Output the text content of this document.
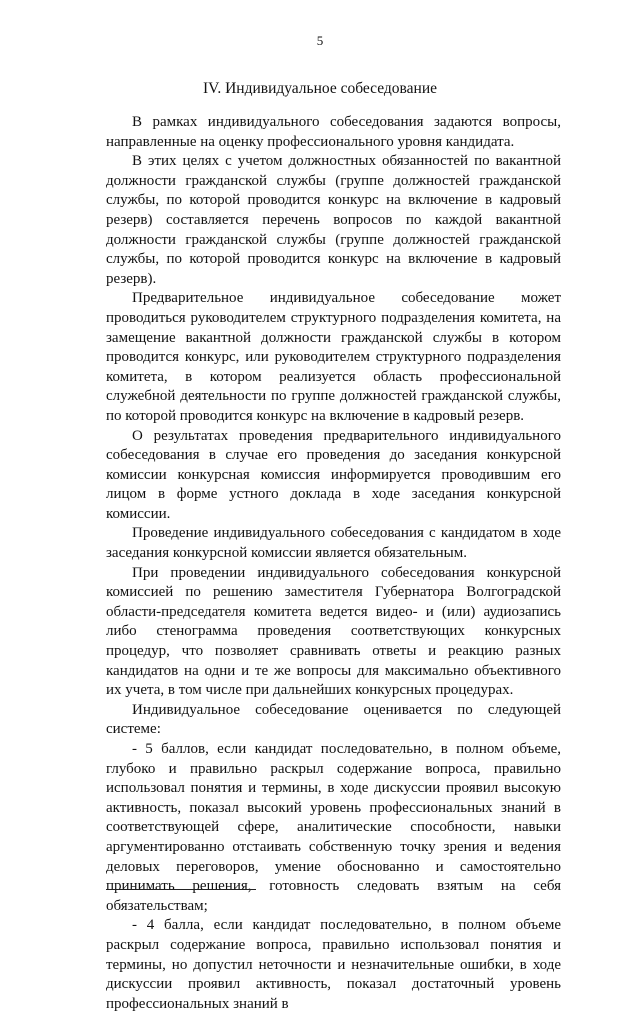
5
IV. Индивидуальное собеседование

В рамках индивидуального собеседования задаются вопросы, направленные на оценку профессионального уровня кандидата.

В этих целях с учетом должностных обязанностей по вакантной должности гражданской службы (группе должностей гражданской службы, по которой проводится конкурс на включение в кадровый резерв) составляется перечень вопросов по каждой вакантной должности гражданской службы (группе должностей гражданской службы, по которой проводится конкурс на включение в кадровый резерв).

Предварительное индивидуальное собеседование может проводиться руководителем структурного подразделения комитета, на замещение вакантной должности гражданской службы в котором проводится конкурс, или руководителем структурного подразделения комитета, в котором реализуется область профессиональной служебной деятельности по группе должностей гражданской службы, по которой проводится конкурс на включение в кадровый резерв.

О результатах проведения предварительного индивидуального собеседования в случае его проведения до заседания конкурсной комиссии конкурсная комиссия информируется проводившим его лицом в форме устного доклада в ходе заседания конкурсной комиссии.

Проведение индивидуального собеседования с кандидатом в ходе заседания конкурсной комиссии является обязательным.

При проведении индивидуального собеседования конкурсной комиссией по решению заместителя Губернатора Волгоградской области-председателя комитета ведется видео- и (или) аудиозапись либо стенограмма проведения соответствующих конкурсных процедур, что позволяет сравнивать ответы и реакцию разных кандидатов на одни и те же вопросы для максимально объективного их учета, в том числе при дальнейших конкурсных процедурах.

Индивидуальное собеседование оценивается по следующей системе:

- 5 баллов, если кандидат последовательно, в полном объеме, глубоко и правильно раскрыл содержание вопроса, правильно использовал понятия и термины, в ходе дискуссии проявил высокую активность, показал высокий уровень профессиональных знаний в соответствующей сфере, аналитические способности, навыки аргументированно отстаивать собственную точку зрения и ведения деловых переговоров, умение обоснованно и самостоятельно принимать решения, готовность следовать взятым на себя обязательствам;

- 4 балла, если кандидат последовательно, в полном объеме раскрыл содержание вопроса, правильно использовал понятия и термины, но допустил неточности и незначительные ошибки, в ходе дискуссии проявил активность, показал достаточный уровень профессиональных знаний в
